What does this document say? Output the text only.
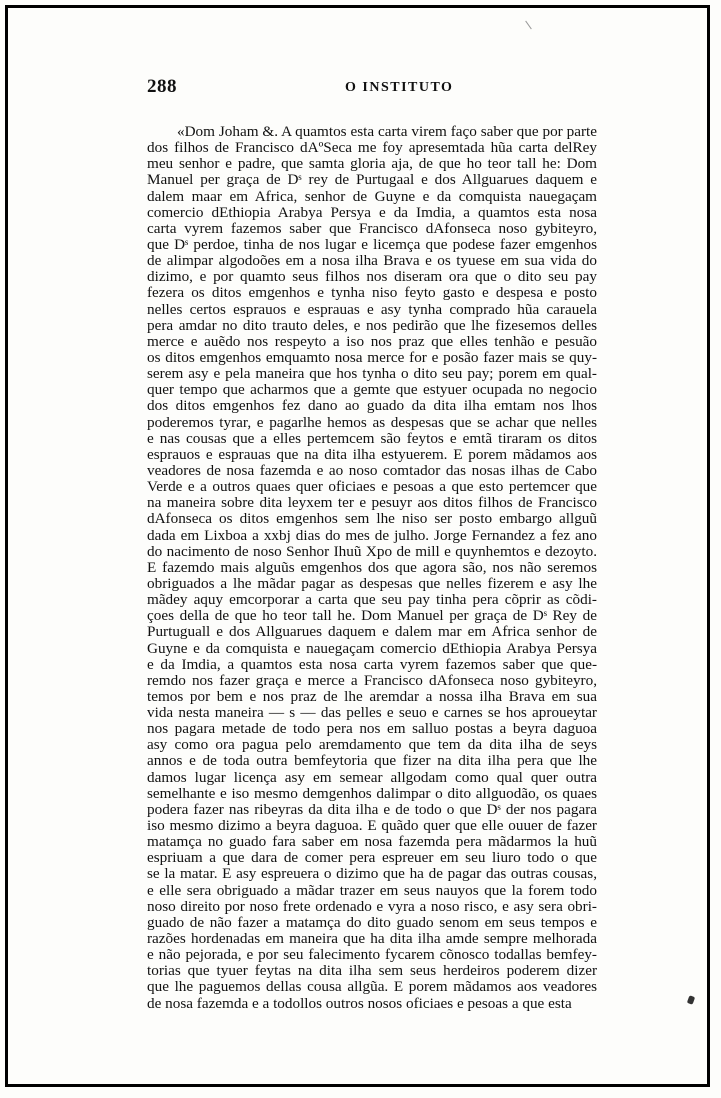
288	O INSTITUTO
«Dom Joham &. A quamtos esta carta virem faço saber que por parte
dos filhos de Francisco dAºSeca me foy apresemtada hũa carta delRey
meu senhor e padre, que samta gloria aja, de que ho teor tall he: Dom
Manuel per graça de Dˢ rey de Purtugaal e dos Allguarues daquem e
dalem maar em Africa, senhor de Guyne e da comquista nauegaçam
comercio dEthiopia Arabya Persya e da Imdia, a quamtos esta nosa
carta vyrem fazemos saber que Francisco dAfonseca noso gybiteyro,
que Dˢ perdoe, tinha de nos lugar e licemça que podese fazer emgenhos
de alimpar algodoões em a nosa ilha Brava e os tyuese em sua vida do
dizimo, e por quamto seus filhos nos diseram ora que o dito seu pay
fezera os ditos emgenhos e tynha niso feyto gasto e despesa e posto
nelles certos esprauos e esprauas e asy tynha comprado hũa carauela
pera amdar no dito trauto deles, e nos pedirão que lhe fizesemos delles
merce e auẽdo nos respeyto a iso nos praz que elles tenhão e pesuão
os ditos emgenhos emquamto nosa merce for e posão fazer mais se quy-
serem asy e pela maneira que hos tynha o dito seu pay; porem em qual-
quer tempo que acharmos que a gemte que estyuer ocupada no negocio
dos ditos emgenhos fez dano ao guado da dita ilha emtam nos lhos
poderemos tyrar, e pagarlhe hemos as despesas que se achar que nelles
e nas cousas que a elles pertemcem são feytos e emtã tiraram os ditos
esprauos e esprauas que na dita ilha estyuerem. E porem mãdamos aos
veadores de nosa fazemda e ao noso comtador das nosas ilhas de Cabo
Verde e a outros quaes quer oficiaes e pesoas a que esto pertemcer que
na maneira sobre dita leyxem ter e pesuyr aos ditos filhos de Francisco
dAfonseca os ditos emgenhos sem lhe niso ser posto embargo allguũ
dada em Lixboa a xxbj dias do mes de julho. Jorge Fernandez a fez ano
do nacimento de noso Senhor Ihuũ Xpo de mill e quynhemtos e dezoyto.
E fazemdo mais alguũs emgenhos dos que agora são, nos não seremos
obriguados a lhe mãdar pagar as despesas que nelles fizerem e asy lhe
mãdey aquy emcorporar a carta que seu pay tinha pera cõprir as cõdi-
çoes della de que ho teor tall he. Dom Manuel per graça de Dˢ Rey de
Purtuguall e dos Allguarues daquem e dalem mar em Africa senhor de
Guyne e da comquista e nauegaçam comercio dEthiopia Arabya Persya
e da Imdia, a quamtos esta nosa carta vyrem fazemos saber que que-
remdo nos fazer graça e merce a Francisco dAfonseca noso gybiteyro,
temos por bem e nos praz de lhe aremdar a nossa ilha Brava em sua
vida nesta maneira — s — das pelles e seuo e carnes se hos aproueytar
nos pagara metade de todo pera nos em salluo postas a beyra daguoa
asy como ora pagua pelo aremdamento que tem da dita ilha de seys
annos e de toda outra bemfeytoria que fizer na dita ilha pera que lhe
damos lugar licença asy em semear allgodam como qual quer outra
semelhante e iso mesmo demgenhos dalimpar o dito allguodão, os quaes
podera fazer nas ribeyras da dita ilha e de todo o que Dˢ der nos pagara
iso mesmo dizimo a beyra daguoa. E quãdo quer que elle ouuer de fazer
matamça no guado fara saber em nosa fazemda pera mãdarmos la huũ
espriuam a que dara de comer pera espreuer em seu liuro todo o que
se la matar. E asy espreuera o dizimo que ha de pagar das outras cousas,
e elle sera obriguado a mãdar trazer em seus nauyos que la forem todo
noso direito por noso frete ordenado e vyra a noso risco, e asy sera obri-
guado de não fazer a matamça do dito guado senom em seus tempos e
razões hordenadas em maneira que ha dita ilha amde sempre melhorada
e não pejorada, e por seu falecimento fycarem cõnosco todallas bemfey-
torias que tyuer feytas na dita ilha sem seus herdeiros poderem dizer
que lhe paguemos dellas cousa allgũa. E porem mãdamos aos veadores
de nosa fazemda e a todollos outros nosos oficiaes e pesoas a que esta
